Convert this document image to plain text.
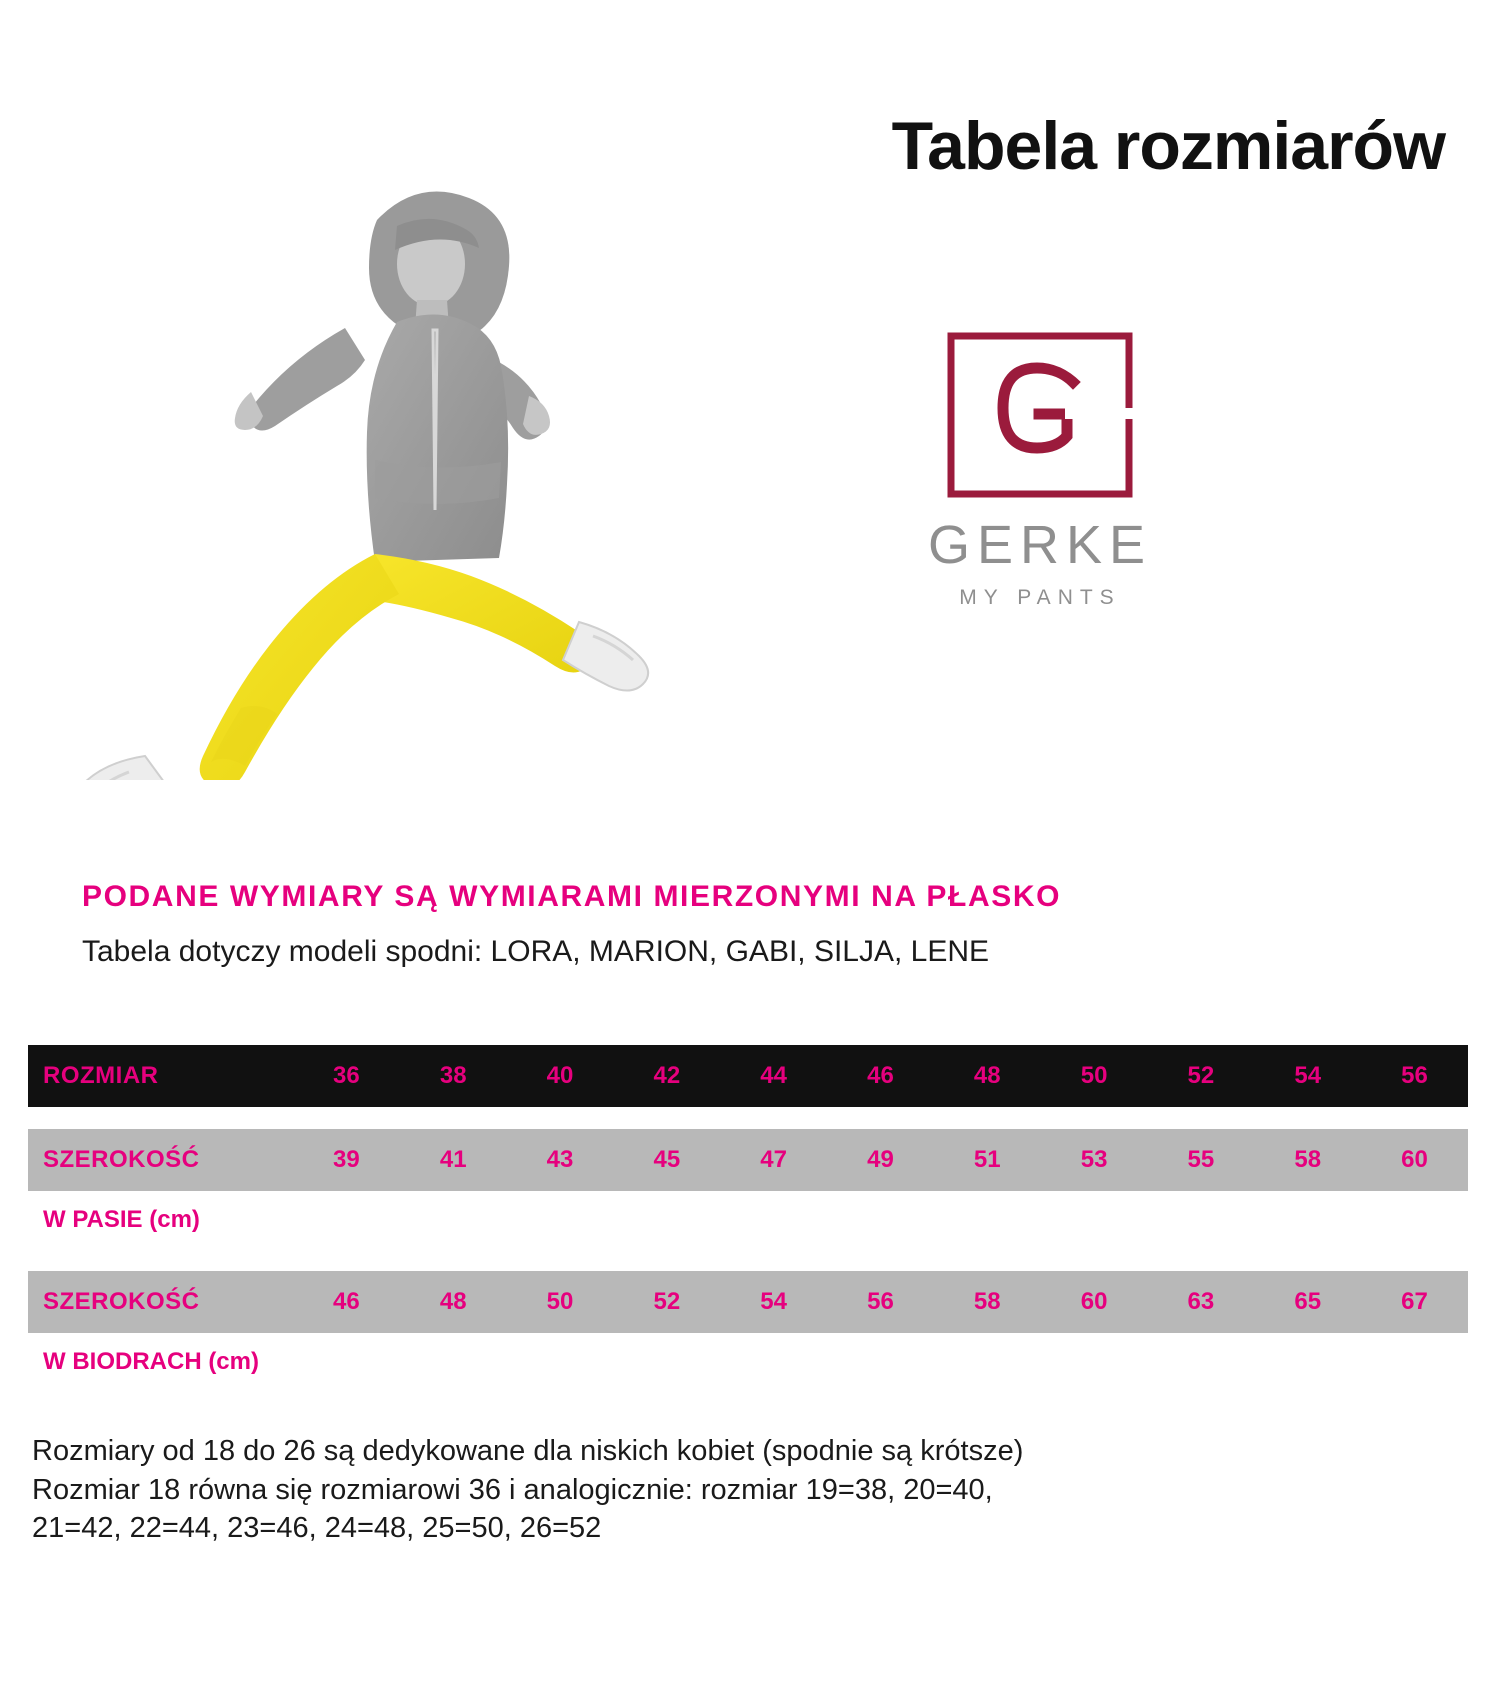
Tabela rozmiarów
GERKE
MY PANTS
PODANE WYMIARY SĄ WYMIARAMI MIERZONYMI NA PŁASKO
Tabela dotyczy modeli spodni: LORA, MARION, GABI, SILJA, LENE
ROZMIAR	36	38	40	42	44	46	48	50	52	54	56
SZEROKOŚĆ	39	41	43	45	47	49	51	53	55	58	60
W PASIE (cm)
SZEROKOŚĆ	46	48	50	52	54	56	58	60	63	65	67
W BIODRACH (cm)
Rozmiary od 18 do 26 są dedykowane dla niskich kobiet (spodnie są krótsze)
Rozmiar 18 równa się rozmiarowi 36 i analogicznie: rozmiar 19=38, 20=40,
21=42, 22=44, 23=46, 24=48, 25=50, 26=52
